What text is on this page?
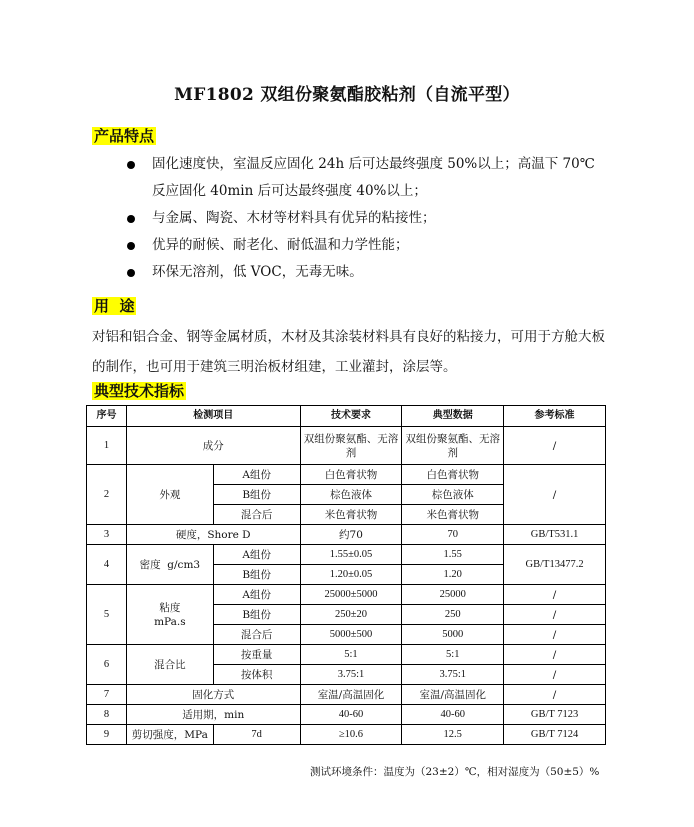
MF1802 双组份聚氨酯胶粘剂（自流平型）
产品特点
固化速度快，室温反应固化 24h 后可达最终强度 50%以上；高温下 70℃
反应固化 40min 后可达最终强度 40%以上；
与金属、陶瓷、木材等材料具有优异的粘接性；
优异的耐候、耐老化、耐低温和力学性能；
环保无溶剂，低 VOC，无毒无味。
用  途
对铝和铝合金、钢等金属材质，木材及其涂装材料具有良好的粘接力，可用于方舱大板的制作，也可用于建筑三明治板材组建，工业灌封，涂层等。
典型技术指标
序号	检测项目		技术要求	典型数据	参考标准
1	成分		双组份聚氨酯、无溶剂	双组份聚氨酯、无溶剂	/
2	外观	A组份	白色膏状物	白色膏状物	/
		B组份	棕色液体	棕色液体	
		混合后	米色膏状物	米色膏状物	
3	硬度，Shore D		约70	70	GB/T531.1
4	密度  g/cm3	A组份	1.55±0.05	1.55	GB/T13477.2
		B组份	1.20±0.05	1.20	
5	粘度
mPa.s	A组份	25000±5000	25000	/
		B组份	250±20	250	/
		混合后	5000±500	5000	/
6	混合比	按重量	5:1	5:1	/
		按体积	3.75:1	3.75:1	/
7	固化方式		室温/高温固化	室温/高温固化	/
8	适用期，min		40-60	40-60	GB/T 7123
9	剪切强度，MPa	7d	≥10.6	12.5	GB/T 7124
测试环境条件：温度为（23±2）℃，相对湿度为（50±5）%
